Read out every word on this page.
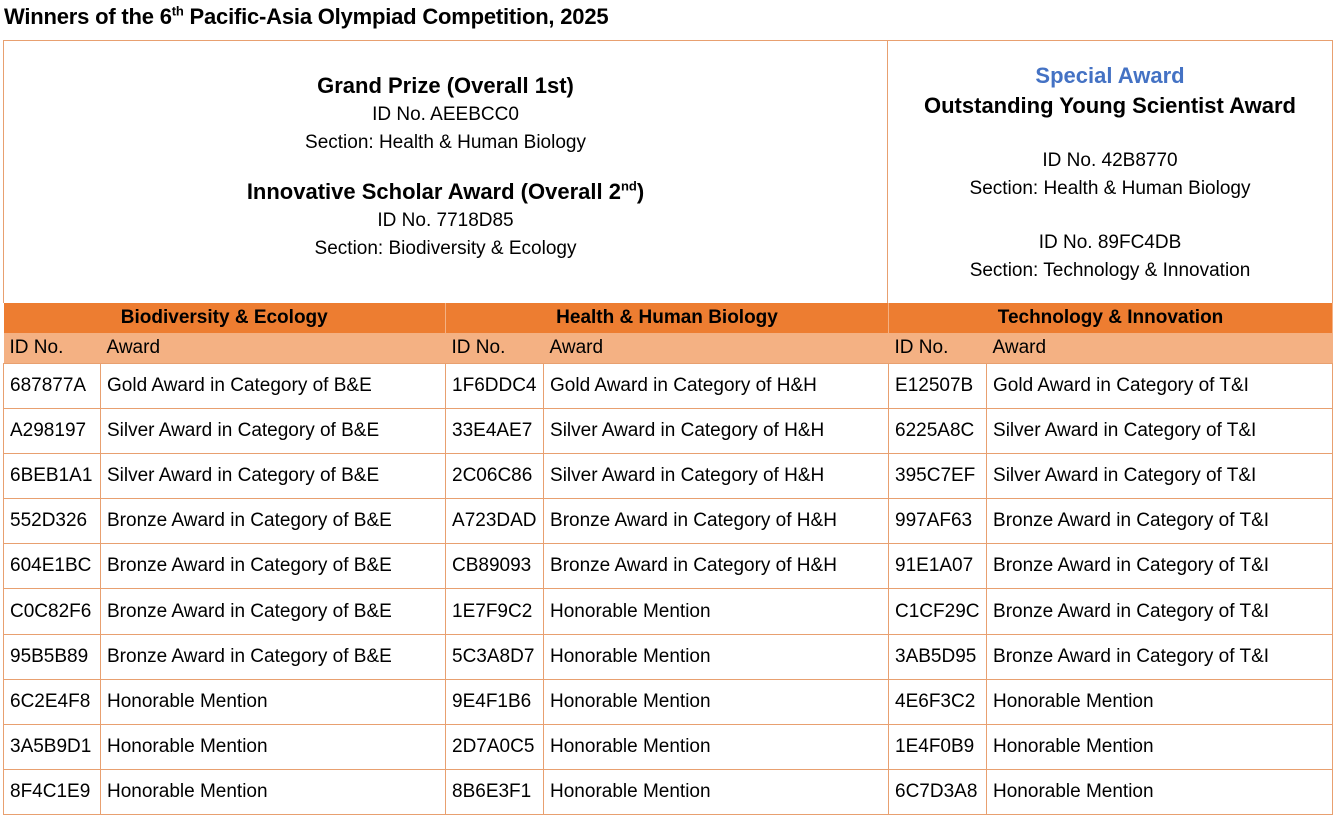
Winners of the 6th Pacific-Asia Olympiad Competition, 2025
Grand Prize (Overall 1st)
ID No. AEEBCC0
Section: Health & Human Biology
Innovative Scholar Award (Overall 2nd)
ID No. 7718D85
Section: Biodiversity & Ecology
Special Award
Outstanding Young Scientist Award
ID No. 42B8770
Section: Health & Human Biology
ID No. 89FC4DB
Section: Technology & Innovation
Biodiversity & Ecology		Health & Human Biology		Technology & Innovation	
ID No.	Award	ID No.	Award	ID No.	Award
687877A	Gold Award in Category of B&E	1F6DDC4	Gold Award in Category of H&H	E12507B	Gold Award in Category of T&I
A298197	Silver Award in Category of B&E	33E4AE7	Silver Award in Category of H&H	6225A8C	Silver Award in Category of T&I
6BEB1A1	Silver Award in Category of B&E	2C06C86	Silver Award in Category of H&H	395C7EF	Silver Award in Category of T&I
552D326	Bronze Award in Category of B&E	A723DAD	Bronze Award in Category of H&H	997AF63	Bronze Award in Category of T&I
604E1BC	Bronze Award in Category of B&E	CB89093	Bronze Award in Category of H&H	91E1A07	Bronze Award in Category of T&I
C0C82F6	Bronze Award in Category of B&E	1E7F9C2	Honorable Mention	C1CF29C	Bronze Award in Category of T&I
95B5B89	Bronze Award in Category of B&E	5C3A8D7	Honorable Mention	3AB5D95	Bronze Award in Category of T&I
6C2E4F8	Honorable Mention	9E4F1B6	Honorable Mention	4E6F3C2	Honorable Mention
3A5B9D1	Honorable Mention	2D7A0C5	Honorable Mention	1E4F0B9	Honorable Mention
8F4C1E9	Honorable Mention	8B6E3F1	Honorable Mention	6C7D3A8	Honorable Mention
